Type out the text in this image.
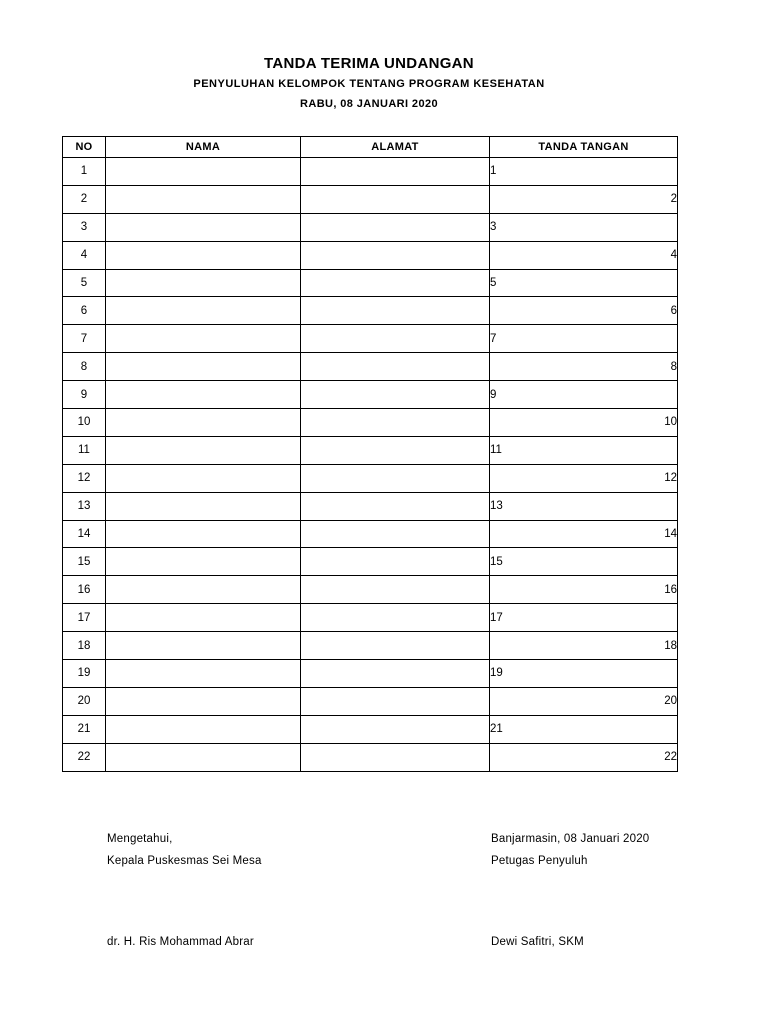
TANDA TERIMA UNDANGAN
PENYULUHAN KELOMPOK TENTANG PROGRAM KESEHATAN
RABU, 08 JANUARI 2020
NO	NAMA	ALAMAT	TANDA TANGAN
1			1
2			2
3			3
4			4
5			5
6			6
7			7
8			8
9			9
10			10
11			11
12			12
13			13
14			14
15			15
16			16
17			17
18			18
19			19
20			20
21			21
22			22
Mengetahui,
Kepala Puskesmas Sei Mesa
dr. H. Ris Mohammad Abrar
Banjarmasin, 08 Januari 2020
Petugas Penyuluh
Dewi Safitri, SKM
